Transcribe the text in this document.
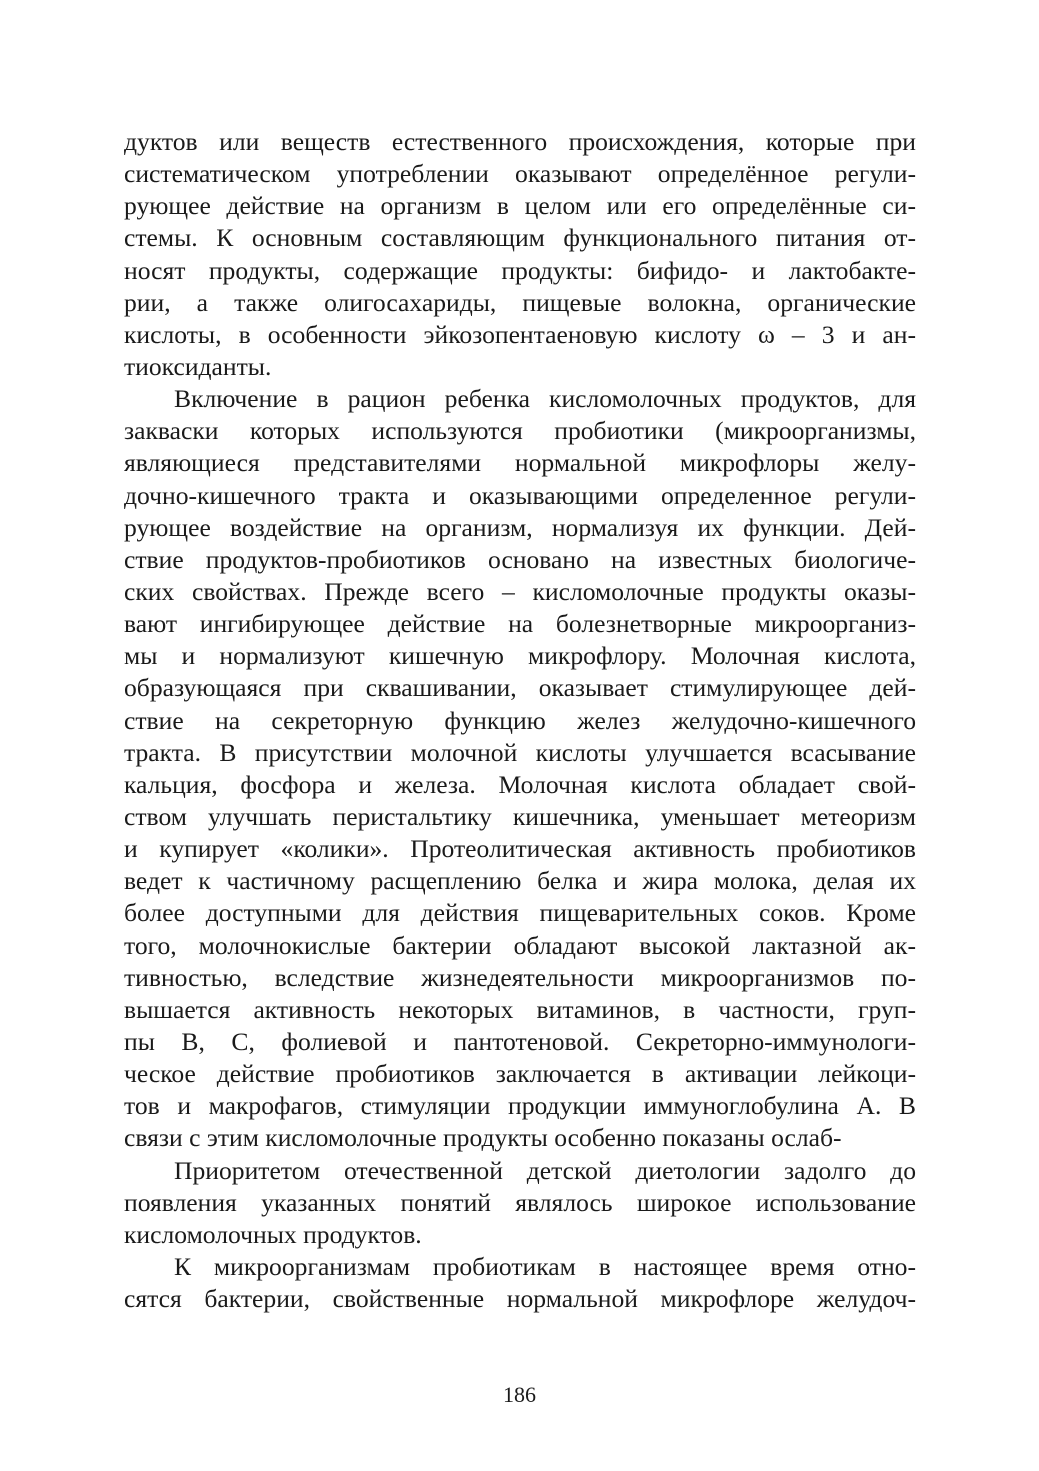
дуктов или веществ естественного происхождения, которые при
систематическом употреблении оказывают определённое регули-
рующее действие на организм в целом или его определённые си-
стемы. К основным составляющим функционального питания от-
носят продукты, содержащие продукты: бифидо- и лактобакте-
рии, а также олигосахариды, пищевые волокна, органические
кислоты, в особенности эйкозопентаеновую кислоту ω – 3 и ан-
тиоксиданты.
Включение в рацион ребенка кисломолочных продуктов, для
закваски которых используются пробиотики (микроорганизмы,
являющиеся представителями нормальной микрофлоры желу-
дочно-кишечного тракта и оказывающими определенное регули-
рующее воздействие на организм, нормализуя их функции. Дей-
ствие продуктов-пробиотиков основано на известных биологиче-
ских свойствах. Прежде всего – кисломолочные продукты оказы-
вают ингибирующее действие на болезнетворные микроорганиз-
мы и нормализуют кишечную микрофлору. Молочная кислота,
образующаяся при сквашивании, оказывает стимулирующее дей-
ствие на секреторную функцию желез желудочно-кишечного
тракта. В присутствии молочной кислоты улучшается всасывание
кальция, фосфора и железа. Молочная кислота обладает свой-
ством улучшать перистальтику кишечника, уменьшает метеоризм
и купирует «колики». Протеолитическая активность пробиотиков
ведет к частичному расщеплению белка и жира молока, делая их
более доступными для действия пищеварительных соков. Кроме
того, молочнокислые бактерии обладают высокой лактазной ак-
тивностью, вследствие жизнедеятельности микроорганизмов по-
вышается активность некоторых витаминов, в частности, груп-
пы В, С, фолиевой и пантотеновой. Секреторно-иммунологи-
ческое действие пробиотиков заключается в активации лейкоци-
тов и макрофагов, стимуляции продукции иммуноглобулина А. В
связи с этим кисломолочные продукты особенно показаны ослаб-
Приоритетом отечественной детской диетологии задолго до
появления указанных понятий являлось широкое использование
кисломолочных продуктов.
К микроорганизмам пробиотикам в настоящее время отно-
сятся бактерии, свойственные нормальной микрофлоре желудоч-
186
